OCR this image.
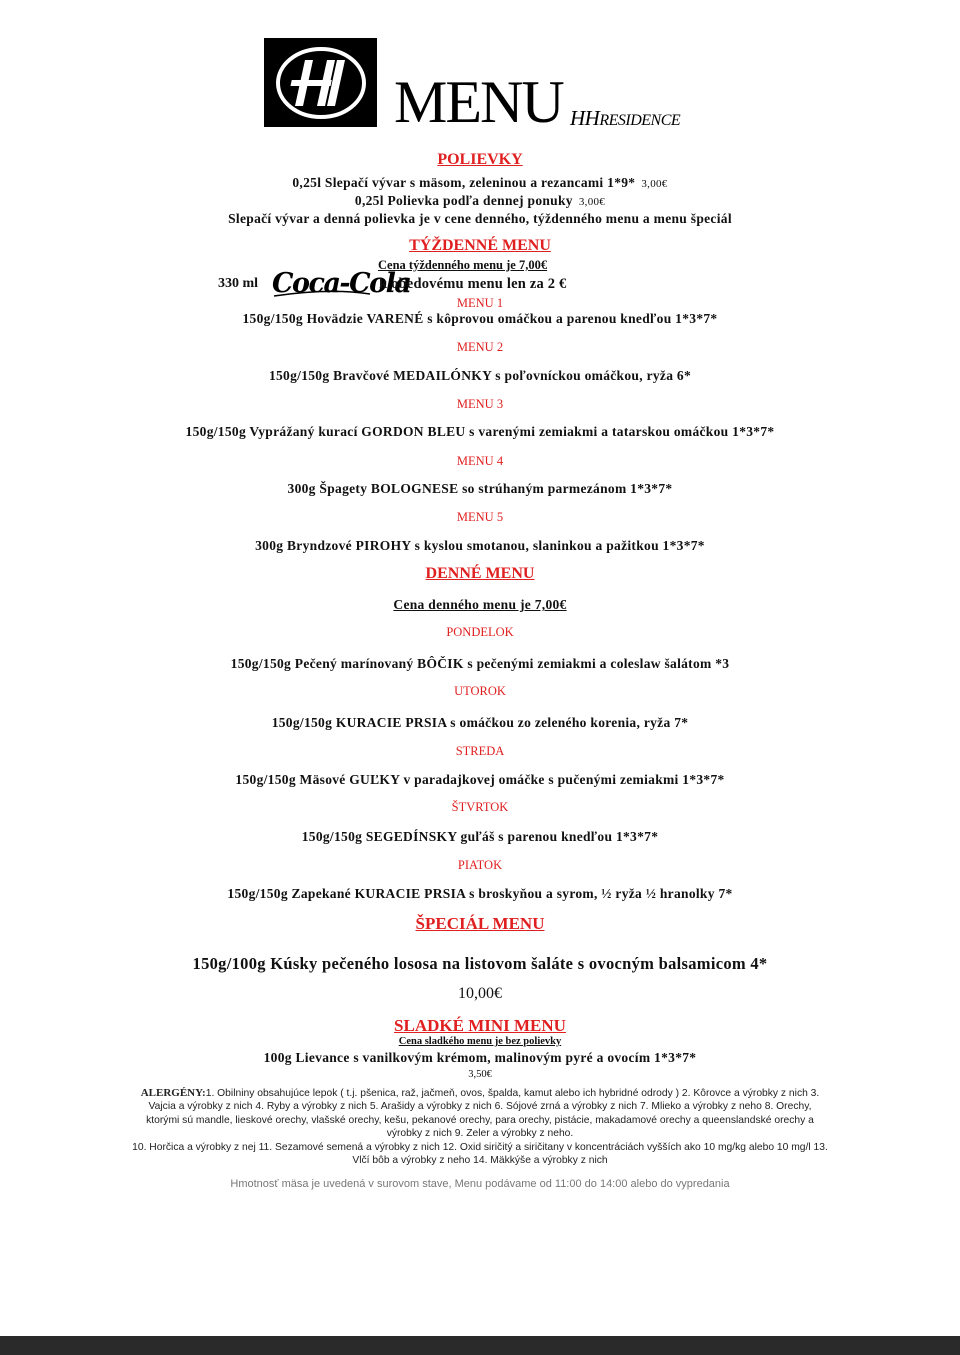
MENU HHRESIDENCE
POLIEVKY
0,25l Slepačí vývar s mäsom, zeleninou a rezancami 1*9* 3,00€
0,25l Polievka podľa dennej ponuky 3,00€
Slepačí vývar a denná polievka je v cene denného, týždenného menu a menu špeciál
TÝŽDENNÉ MENU
330 ml Coca-Cola
Cena týždenného menu je 7,00€
k obedovému menu len za 2 €
MENU 1
150g/150g Hovädzie VARENÉ s kôprovou omáčkou a parenou knedľou 1*3*7*
MENU 2
150g/150g Bravčové MEDAILÓNKY s poľovníckou omáčkou, ryža 6*
MENU 3
150g/150g Vyprážaný kurací GORDON BLEU s varenými zemiakmi a tatarskou omáčkou 1*3*7*
MENU 4
300g Špagety BOLOGNESE so strúhaným parmezánom 1*3*7*
MENU 5
300g Bryndzové PIROHY s kyslou smotanou, slaninkou a pažitkou 1*3*7*
DENNÉ MENU
Cena denného menu je 7,00€
PONDELOK
150g/150g Pečený marínovaný BÔČIK s pečenými zemiakmi a coleslaw šalátom *3
UTOROK
150g/150g KURACIE PRSIA s omáčkou zo zeleného korenia, ryža 7*
STREDA
150g/150g Mäsové GUĽKY v paradajkovej omáčke s pučenými zemiakmi 1*3*7*
ŠTVRTOK
150g/150g SEGEDÍNSKY guľáš s parenou knedľou 1*3*7*
PIATOK
150g/150g Zapekané KURACIE PRSIA s broskyňou a syrom, ½ ryža ½ hranolky 7*
ŠPECIÁL MENU
150g/100g Kúsky pečeného lososa na listovom šaláte s ovocným balsamicom 4*
10,00€
SLADKÉ MINI MENU
Cena sladkého menu je bez polievky
100g Lievance s vanilkovým krémom, malinovým pyré a ovocím 1*3*7*
3,50€
ALERGÉNY:1. Obilniny obsahujúce lepok ( t.j. pšenica, raž, jačmeň, ovos, špalda, kamut alebo ich hybridné odrody ) 2. Kôrovce a výrobky z nich 3.
Vajcia a výrobky z nich 4. Ryby a výrobky z nich 5. Arašidy a výrobky z nich 6. Sójové zrná a výrobky z nich 7. Mlieko a výrobky z neho 8. Orechy,
ktorými sú mandle, lieskové orechy, vlašské orechy, kešu, pekanové orechy, para orechy, pistácie, makadamové orechy a queenslandské orechy a
výrobky z nich 9. Zeler a výrobky z neho.
10. Horčica a výrobky z nej 11. Sezamové semená a výrobky z nich 12. Oxid siričitý a siričitany v koncentráciách vyšších ako 10 mg/kg alebo 10 mg/l 13.
Vlčí bôb a výrobky z neho 14. Mäkkýše a výrobky z nich
Hmotnosť mäsa je uvedená v surovom stave, Menu podávame od 11:00 do 14:00 alebo do vypredania
